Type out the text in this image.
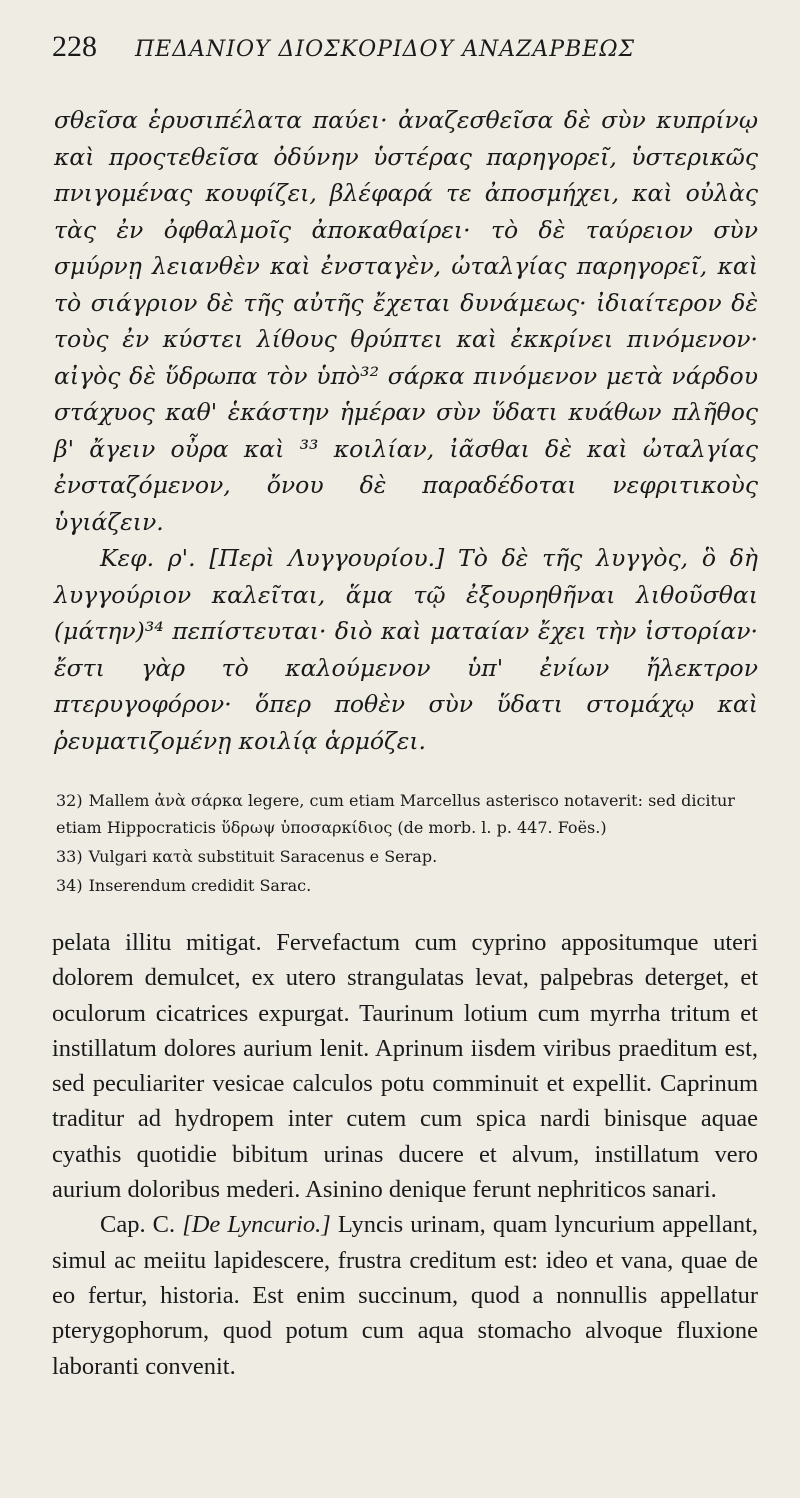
228 ΠΕΔΑΝΙΟΥ ΔΙΟΣΚΟΡΙΔΟΥ ΑΝΑΖΑΡΒΕΩΣ

σθεῖσα ἑρυσιπέλατα παύει· ἀναζεσθεῖσα δὲ σὺν κυπρίνῳ καὶ προςτεθεῖσα ὀδύνην ὑστέρας παρηγορεῖ, ὑστερικῶς πνιγομένας κουφίζει, βλέφαρά τε ἀποσμήχει, καὶ οὐλὰς τὰς ἐν ὀφθαλμοῖς ἀποκαθαίρει· τὸ δὲ ταύρειον σὺν σμύρνῃ λειανθὲν καὶ ἐνσταγὲν, ὠταλγίας παρηγορεῖ, καὶ τὸ σιάγριον δὲ τῆς αὐτῆς ἔχεται δυνάμεως· ἰδιαίτερον δὲ τοὺς ἐν κύστει λίθους θρύπτει καὶ ἐκκρίνει πινόμενον· αἰγὸς δὲ ὕδρωπα τὸν ὑπὸ³² σάρκα πινόμενον μετὰ νάρδου στάχυος καθ' ἑκάστην ἡμέραν σὺν ὕδατι κυάθων πλῆθος β' ἄγειν οὖρα καὶ ³³ κοιλίαν, ἰᾶσθαι δὲ καὶ ὠταλγίας ἐνσταζόμενον, ὄνου δὲ παραδέδοται νεφριτικοὺς ὑγιάζειν.

Κεφ. ρ'. [Περὶ Λυγγουρίου.] Τὸ δὲ τῆς λυγγὸς, ὃ δὴ λυγγούριον καλεῖται, ἅμα τῷ ἐξουρηθῆναι λιθοῦσθαι (μάτην)³⁴ πεπίστευται· διὸ καὶ ματαίαν ἔχει τὴν ἱστορίαν· ἔστι γὰρ τὸ καλούμενον ὑπ' ἐνίων ἤλεκτρον πτερυγοφόρον· ὅπερ ποθὲν σὺν ὕδατι στομάχῳ καὶ ῥευματιζομένῃ κοιλίᾳ ἁρμόζει.

32) Mallem ἀνὰ σάρκα legere, cum etiam Marcellus asterisco notaverit: sed dicitur etiam Hippocraticis ὕδρωψ ὑποσαρκίδιος (de morb. l. p. 447. Foës.)

33) Vulgari κατὰ substituit Saracenus e Serap.

34) Inserendum credidit Sarac.

pelata illitu mitigat. Fervefactum cum cyprino appositumque uteri dolorem demulcet, ex utero strangulatas levat, palpebras deterget, et oculorum cicatrices expurgat. Taurinum lotium cum myrrha tritum et instillatum dolores aurium lenit. Aprinum iisdem viribus praeditum est, sed peculiariter vesicae calculos potu comminuit et expellit. Caprinum traditur ad hydropem inter cutem cum spica nardi binisque aquae cyathis quotidie bibitum urinas ducere et alvum, instillatum vero aurium doloribus mederi. Asinino denique ferunt nephriticos sanari.

Cap. C. [De Lyncurio.] Lyncis urinam, quam lyncurium appellant, simul ac meiitu lapidescere, frustra creditum est: ideo et vana, quae de eo fertur, historia. Est enim succinum, quod a nonnullis appellatur pterygophorum, quod potum cum aqua stomacho alvoque fluxione laboranti convenit.
